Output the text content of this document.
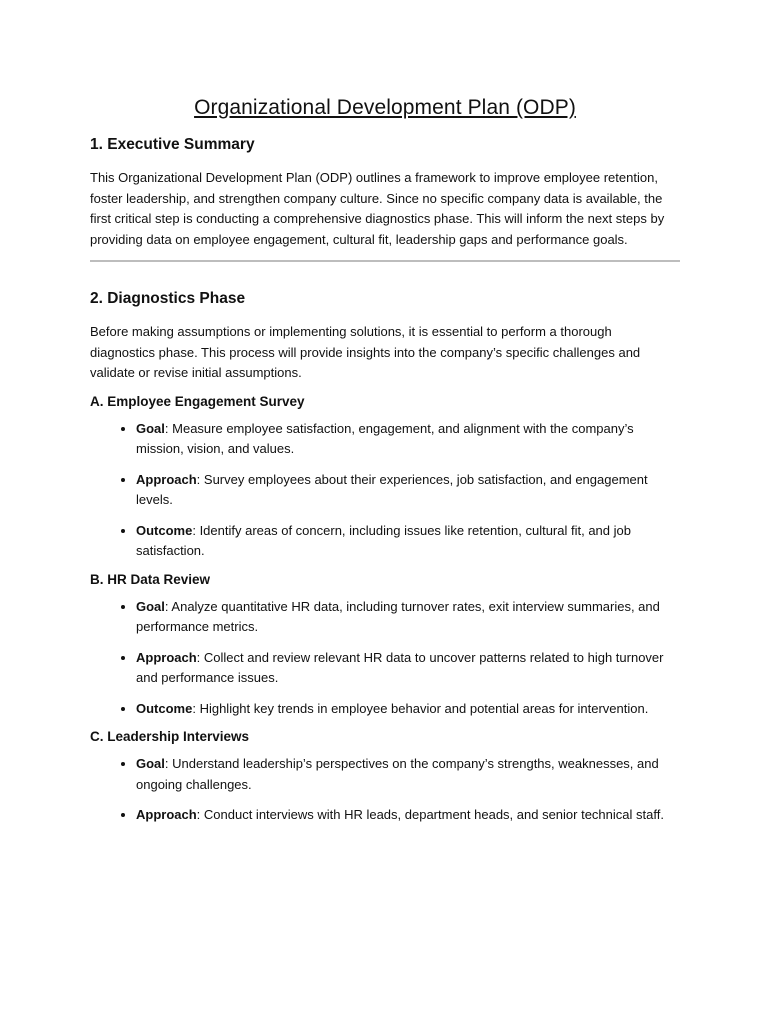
Organizational Development Plan (ODP)
1. Executive Summary

This Organizational Development Plan (ODP) outlines a framework to improve employee retention, foster leadership, and strengthen company culture. Since no specific company data is available, the first critical step is conducting a comprehensive diagnostics phase. This will inform the next steps by providing data on employee engagement, cultural fit, leadership gaps and performance goals.

2. Diagnostics Phase

Before making assumptions or implementing solutions, it is essential to perform a thorough diagnostics phase. This process will provide insights into the company’s specific challenges and validate or revise initial assumptions.

A. Employee Engagement Survey
• Goal: Measure employee satisfaction, engagement, and alignment with the company’s mission, vision, and values.
• Approach: Survey employees about their experiences, job satisfaction, and engagement levels.
• Outcome: Identify areas of concern, including issues like retention, cultural fit, and job satisfaction.
B. HR Data Review
• Goal: Analyze quantitative HR data, including turnover rates, exit interview summaries, and performance metrics.
• Approach: Collect and review relevant HR data to uncover patterns related to high turnover and performance issues.
• Outcome: Highlight key trends in employee behavior and potential areas for intervention.
C. Leadership Interviews
• Goal: Understand leadership’s perspectives on the company’s strengths, weaknesses, and ongoing challenges.
• Approach: Conduct interviews with HR leads, department heads, and senior technical staff.
